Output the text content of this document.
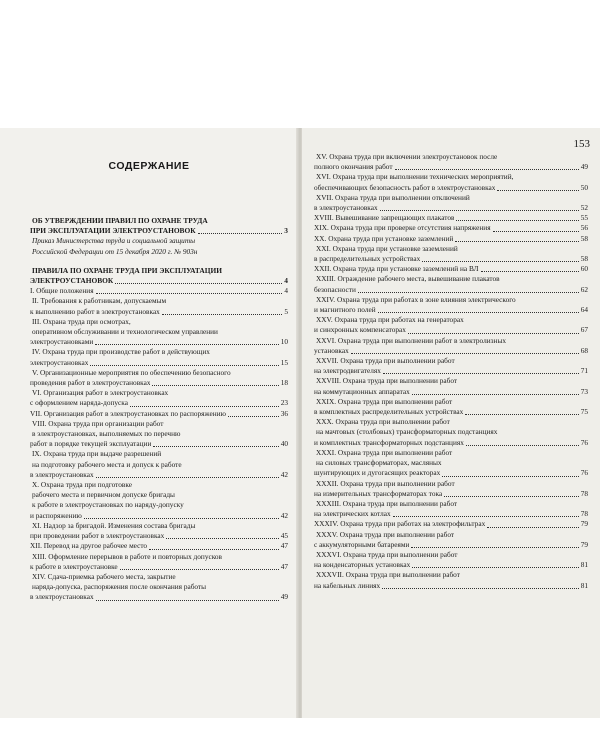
СОДЕРЖАНИЕ
ОБ УТВЕРЖДЕНИИ ПРАВИЛ ПО ОХРАНЕ ТРУДА
ПРИ ЭКСПЛУАТАЦИИ ЭЛЕКТРОУСТАНОВОК	3
Приказ Министерства труда и социальной защиты
Российской Федерации от 15 декабря 2020 г. № 903н
ПРАВИЛА ПО ОХРАНЕ ТРУДА ПРИ ЭКСПЛУАТАЦИИ
ЭЛЕКТРОУСТАНОВОК	4
I. Общие положения	4
II. Требования к работникам, допускаемым
к выполнению работ в электроустановках	5
III. Охрана труда при осмотрах,
оперативном обслуживании и технологическом управлении
электроустановками	10
IV. Охрана труда при производстве работ в действующих
электроустановках	15
V. Организационные мероприятия по обеспечению безопасного
проведения работ в электроустановках	18
VI. Организация работ в электроустановках
с оформлением наряда-допуска	23
VII. Организация работ в электроустановках по распоряжению	36
VIII. Охрана труда при организации работ
в электроустановках, выполняемых по перечню
работ в порядке текущей эксплуатации	40
IX. Охрана труда при выдаче разрешений
на подготовку рабочего места и допуск к работе
в электроустановках	42
X. Охрана труда при подготовке
рабочего места и первичном допуске бригады
к работе в электроустановках по наряду-допуску
и распоряжению	42
XI. Надзор за бригадой. Изменения состава бригады
при проведении работ в электроустановках	45
XII. Перевод на другое рабочее место	47
XIII. Оформление перерывов в работе и повторных допусков
к работе в электроустановке	47
XIV. Сдача-приемка рабочего места, закрытие
наряда-допуска, распоряжения после окончания работы
в электроустановках	49
153
XV. Охрана труда при включении электроустановок после
полного окончания работ	49
XVI. Охрана труда при выполнении технических мероприятий,
обеспечивающих безопасность работ в электроустановках	50
XVII. Охрана труда при выполнении отключений
в электроустановках	52
XVIII. Вывешивание запрещающих плакатов	55
XIX. Охрана труда при проверке отсутствия напряжения	56
XX. Охрана труда при установке заземлений	58
XXI. Охрана труда при установке заземлений
в распределительных устройствах	58
XXII. Охрана труда при установке заземлений на ВЛ	60
XXIII. Ограждение рабочего места, вывешивание плакатов
безопасности	62
XXIV. Охрана труда при работах в зоне влияния электрического
и магнитного полей	64
XXV. Охрана труда при работах на генераторах
и синхронных компенсаторах	67
XXVI. Охрана труда при выполнении работ в электролизных
установках	68
XXVII. Охрана труда при выполнении работ
на электродвигателях	71
XXVIII. Охрана труда при выполнении работ
на коммутационных аппаратах	73
XXIX. Охрана труда при выполнении работ
в комплектных распределительных устройствах	75
XXX. Охрана труда при выполнении работ
на мачтовых (столбовых) трансформаторных подстанциях
и комплектных трансформаторных подстанциях	76
XXXI. Охрана труда при выполнении работ
на силовых трансформаторах, масляных
шунтирующих и дугогасящих реакторах	76
XXXII. Охрана труда при выполнении работ
на измерительных трансформаторах тока	78
XXXIII. Охрана труда при выполнении работ
на электрических котлах	78
XXXIV. Охрана труда при работах на электрофильтрах	79
XXXV. Охрана труда при выполнении работ
с аккумуляторными батареями	79
XXXVI. Охрана труда при выполнении работ
на конденсаторных установках	81
XXXVII. Охрана труда при выполнении работ
на кабельных линиях	81
